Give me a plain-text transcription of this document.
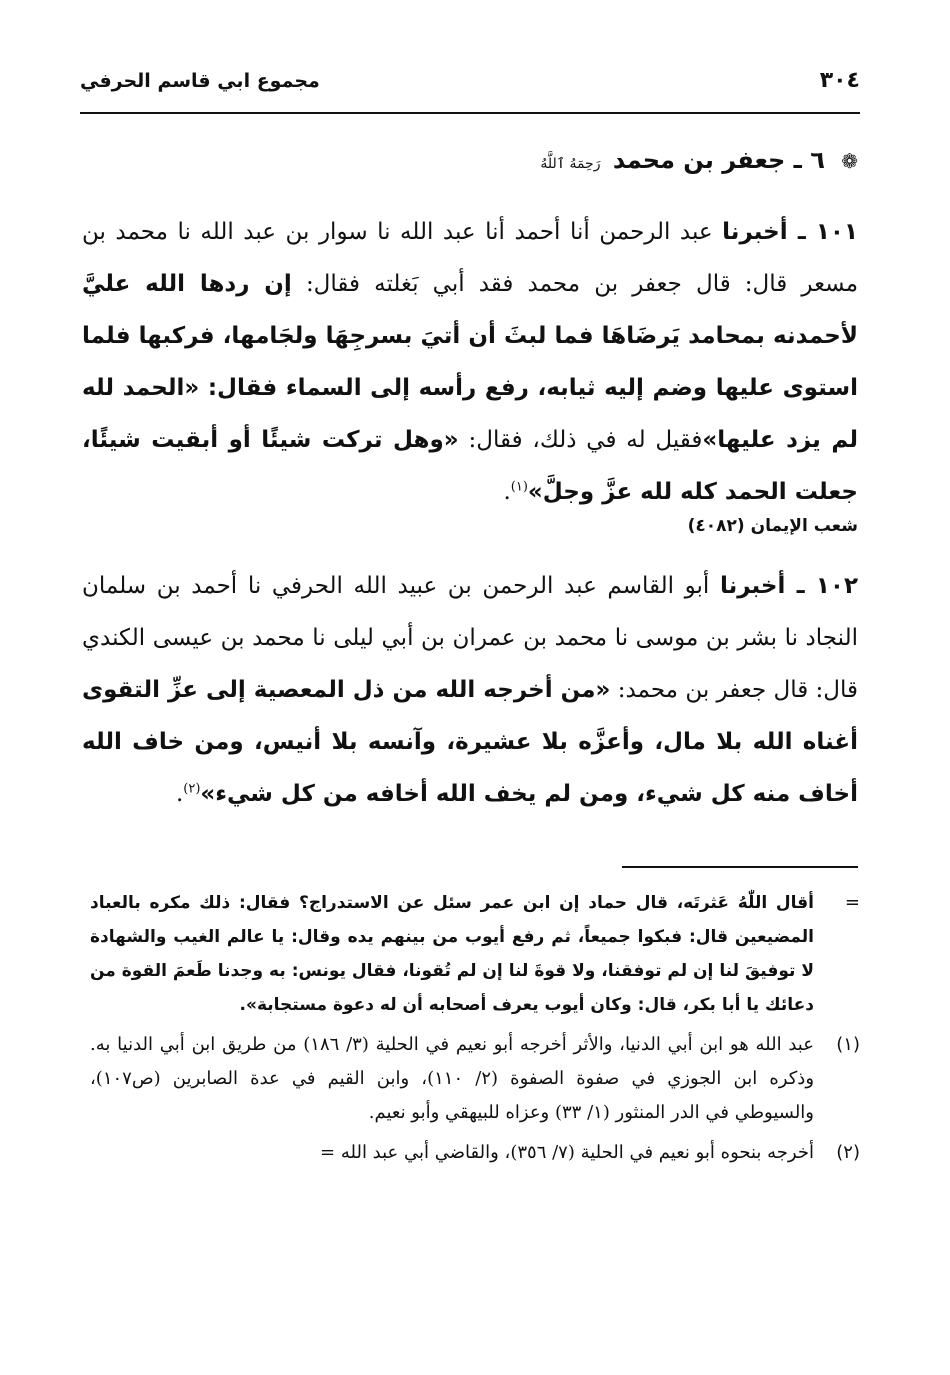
٣٠٤
مجموع ابي قاسم الحرفي
❁ ٦ ـ جعفر بن محمد رَحِمَهُ ٱللَّهُ
١٠١ ـ أخبرنا عبد الرحمن أنا أحمد أنا عبد الله نا سوار بن عبد الله نا محمد بن مسعر قال: قال جعفر بن محمد فقد أبي بَغلته فقال: إن ردها الله عليَّ لأحمدنه بمحامد يَرضَاهَا فما لبثَ أن أتيَ بسرجِهَا ولجَامها، فركبها فلما استوى عليها وضم إليه ثيابه، رفع رأسه إلى السماء فقال: «الحمد لله لم يزد عليها»فقيل له في ذلك، فقال: «وهل تركت شيئًا أو أبقيت شيئًا، جعلت الحمد كله لله عزَّ وجلَّ»$^{(١)}$.
شعب الإيمان (٤٠٨٢)
١٠٢ ـ أخبرنا أبو القاسم عبد الرحمن بن عبيد الله الحرفي نا أحمد بن سلمان النجاد نا بشر بن موسى نا محمد بن عمران بن أبي ليلى نا محمد بن عيسى الكندي قال: قال جعفر بن محمد: «من أخرجه الله من ذل المعصية إلى عزِّ التقوى أغناه الله بلا مال، وأعزَّه بلا عشيرة، وآنسه بلا أنيس، ومن خاف الله أخاف منه كل شيء، ومن لم يخف الله أخافه من كل شيء»$^{(٢)}$.
=
أقال اللّٰهُ عَثرتَه، قال حماد إن ابن عمر سئل عن الاستدراج؟ فقال: ذلك مكره بالعباد المضيعين قال: فبكوا جميعاً، ثم رفع أيوب من بينهم يده وقال: يا عالم الغيب والشهادة لا توفيقَ لنا إن لم توفقنا، ولا قوةَ لنا إن لم تُقونا، فقال يونس: به وجدنا طَعمَ القوة من دعائك يا أبا بكر، قال: وكان أيوب يعرف أصحابه أن له دعوة مستجابة».
(١)
عبد الله هو ابن أبي الدنيا، والأثر أخرجه أبو نعيم في الحلية (٣/ ١٨٦) من طريق ابن أبي الدنيا به. وذكره ابن الجوزي في صفوة الصفوة (٢/ ١١٠)، وابن القيم في عدة الصابرين (ص١٠٧)، والسيوطي في الدر المنثور (١/ ٣٣) وعزاه للبيهقي وأبو نعيم.
(٢)
أخرجه بنحوه أبو نعيم في الحلية (٧/ ٣٥٦)، والقاضي أبي عبد الله =
